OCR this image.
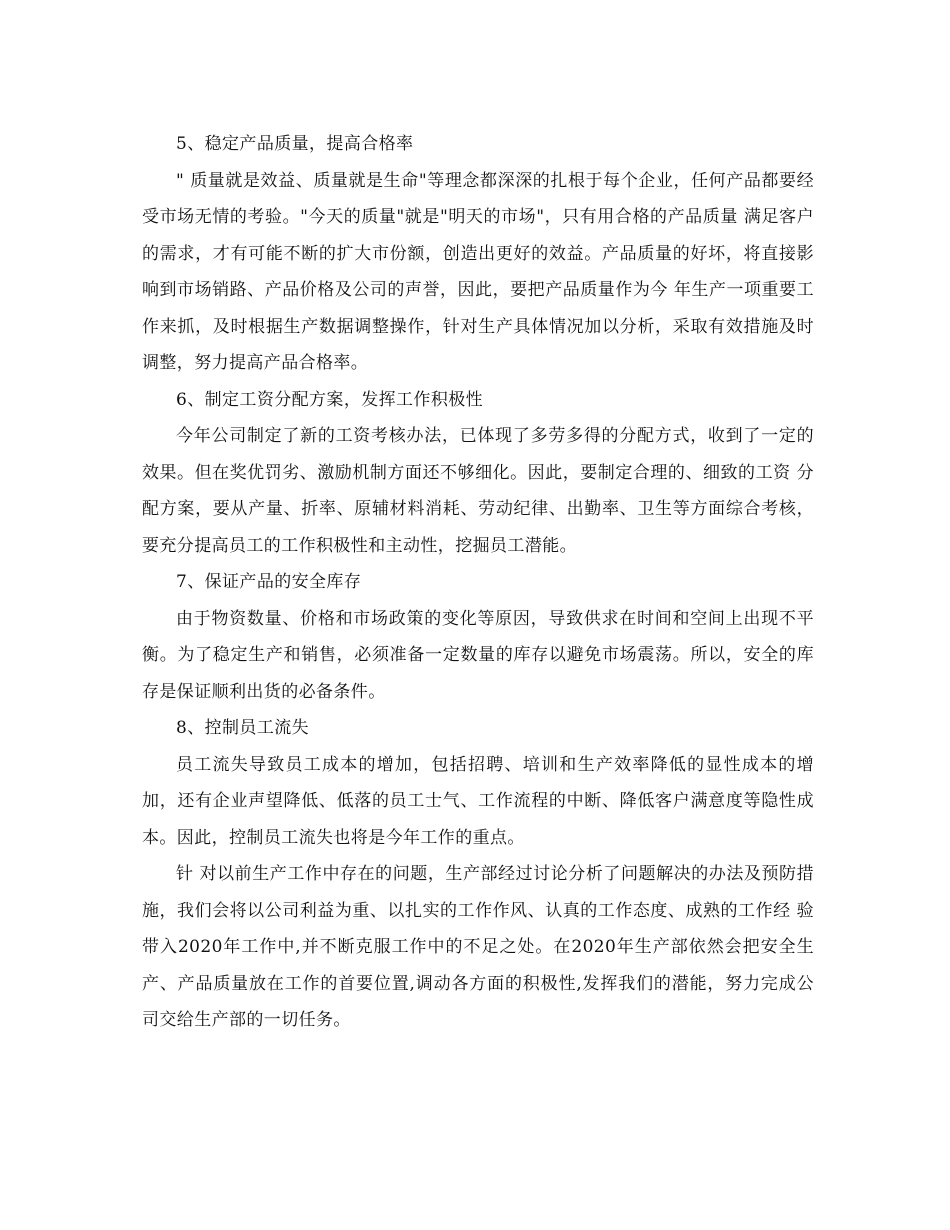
5、稳定产品质量，提高合格率

" 质量就是效益、质量就是生命"等理念都深深的扎根于每个企业，任何产品都要经受市场无情的考验。"今天的质量"就是"明天的市场"，只有用合格的产品质量 满足客户的需求，才有可能不断的扩大市份额，创造出更好的效益。产品质量的好坏，将直接影响到市场销路、产品价格及公司的声誉，因此，要把产品质量作为今 年生产一项重要工作来抓，及时根据生产数据调整操作，针对生产具体情况加以分析，采取有效措施及时调整，努力提高产品合格率。

6、制定工资分配方案，发挥工作积极性

今年公司制定了新的工资考核办法，已体现了多劳多得的分配方式，收到了一定的效果。但在奖优罚劣、激励机制方面还不够细化。因此，要制定合理的、细致的工资 分配方案，要从产量、折率、原辅材料消耗、劳动纪律、出勤率、卫生等方面综合考核，要充分提高员工的工作积极性和主动性，挖掘员工潜能。

7、保证产品的安全库存

由于物资数量、价格和市场政策的变化等原因，导致供求在时间和空间上出现不平衡。为了稳定生产和销售，必须准备一定数量的库存以避免市场震荡。所以，安全的库存是保证顺利出货的必备条件。

8、控制员工流失

员工流失导致员工成本的增加，包括招聘、培训和生产效率降低的显性成本的增加，还有企业声望降低、低落的员工士气、工作流程的中断、降低客户满意度等隐性成本。因此，控制员工流失也将是今年工作的重点。

针 对以前生产工作中存在的问题，生产部经过讨论分析了问题解决的办法及预防措施，我们会将以公司利益为重、以扎实的工作作风、认真的工作态度、成熟的工作经 验带入2020年工作中,并不断克服工作中的不足之处。在2020年生产部依然会把安全生产、产品质量放在工作的首要位置,调动各方面的积极性,发挥我们的潜能，努力完成公司交给生产部的一切任务。
